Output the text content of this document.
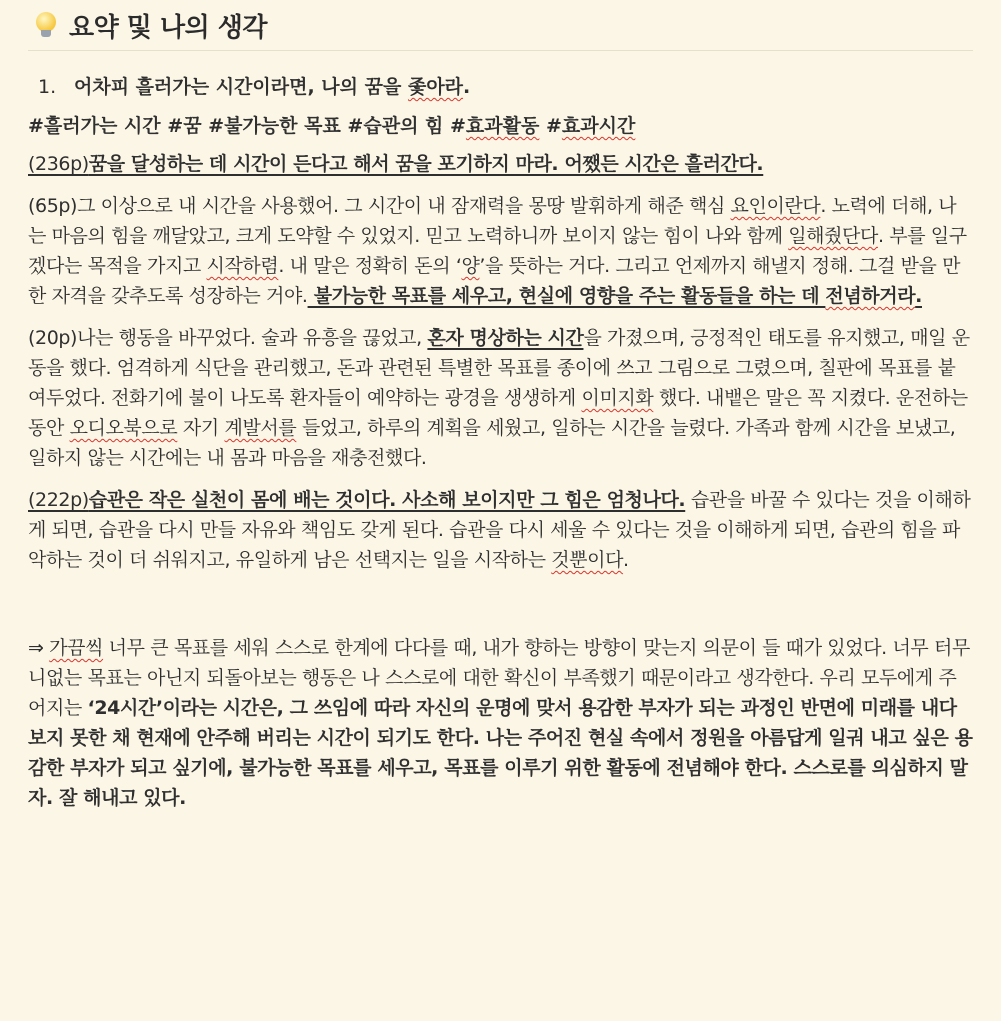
요약 및 나의 생각
1. 어차피 흘러가는 시간이라면, 나의 꿈을 좇아라.
#흘러가는 시간 #꿈 #불가능한 목표 #습관의 힘 #효과활동 #효과시간

(236p)꿈을 달성하는 데 시간이 든다고 해서 꿈을 포기하지 마라. 어쨌든 시간은 흘러간다.

(65p)그 이상으로 내 시간을 사용했어. 그 시간이 내 잠재력을 몽땅 발휘하게 해준 핵심 요인이란다. 노력에 더해, 나는 마음의 힘을 깨달았고, 크게 도약할 수 있었지. 믿고 노력하니까 보이지 않는 힘이 나와 함께 일해줬단다. 부를 일구겠다는 목적을 가지고 시작하렴. 내 말은 정확히 돈의 ‘양’을 뜻하는 거다. 그리고 언제까지 해낼지 정해. 그걸 받을 만한 자격을 갖추도록 성장하는 거야. 불가능한 목표를 세우고, 현실에 영향을 주는 활동들을 하는 데 전념하거라.

(20p)나는 행동을 바꾸었다. 술과 유흥을 끊었고, 혼자 명상하는 시간을 가졌으며, 긍정적인 태도를 유지했고, 매일 운동을 했다. 엄격하게 식단을 관리했고, 돈과 관련된 특별한 목표를 종이에 쓰고 그림으로 그렸으며, 칠판에 목표를 붙여두었다. 전화기에 불이 나도록 환자들이 예약하는 광경을 생생하게 이미지화 했다. 내뱉은 말은 꼭 지켰다. 운전하는 동안 오디오북으로 자기 계발서를 들었고, 하루의 계획을 세웠고, 일하는 시간을 늘렸다. 가족과 함께 시간을 보냈고, 일하지 않는 시간에는 내 몸과 마음을 재충전했다.

(222p)습관은 작은 실천이 몸에 배는 것이다. 사소해 보이지만 그 힘은 엄청나다. 습관을 바꿀 수 있다는 것을 이해하게 되면, 습관을 다시 만들 자유와 책임도 갖게 된다. 습관을 다시 세울 수 있다는 것을 이해하게 되면, 습관의 힘을 파악하는 것이 더 쉬워지고, 유일하게 남은 선택지는 일을 시작하는 것뿐이다.

⇒ 가끔씩 너무 큰 목표를 세워 스스로 한계에 다다를 때, 내가 향하는 방향이 맞는지 의문이 들 때가 있었다. 너무 터무니없는 목표는 아닌지 되돌아보는 행동은 나 스스로에 대한 확신이 부족했기 때문이라고 생각한다. 우리 모두에게 주어지는 ‘24시간’이라는 시간은, 그 쓰임에 따라 자신의 운명에 맞서 용감한 부자가 되는 과정인 반면에 미래를 내다보지 못한 채 현재에 안주해 버리는 시간이 되기도 한다. 나는 주어진 현실 속에서 정원을 아름답게 일궈 내고 싶은 용감한 부자가 되고 싶기에, 불가능한 목표를 세우고, 목표를 이루기 위한 활동에 전념해야 한다. 스스로를 의심하지 말자. 잘 해내고 있다.
